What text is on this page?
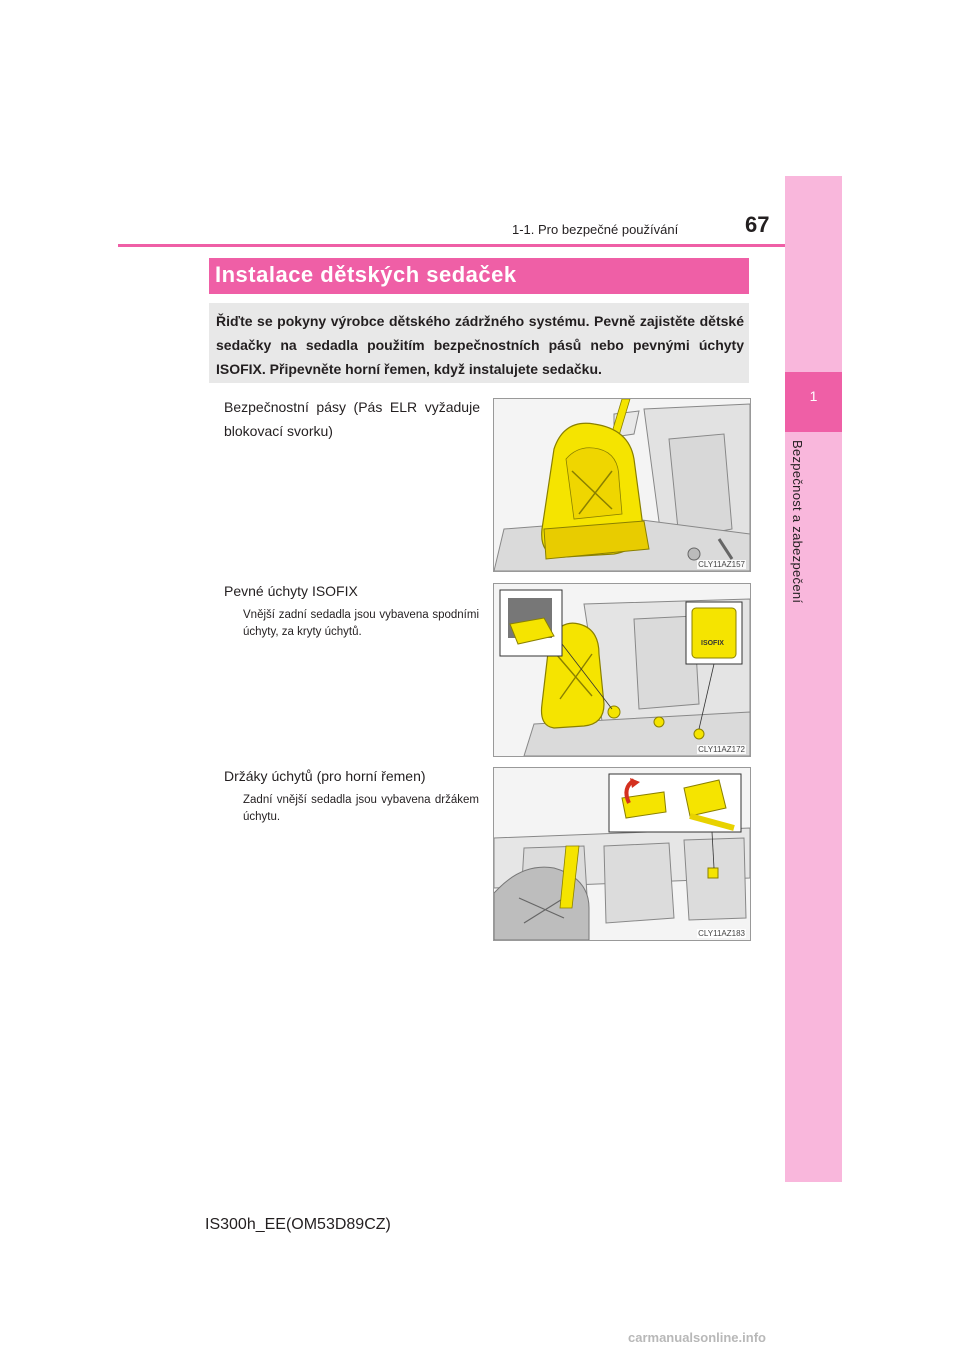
1
Bezpečnost a zabezpečení
1-1. Pro bezpečné používání	67
Instalace dětských sedaček
Řiďte se pokyny výrobce dětského zádržného systému. Pevně zajistěte dětské sedačky na sedadla použitím bezpečnostních pásů nebo pevnými úchyty ISOFIX. Připevněte horní řemen, když instalujete sedačku.
Bezpečnostní pásy (Pás ELR vyžaduje blokovací svorku)
CLY11AZ157
Pevné úchyty ISOFIX
Vnější zadní sedadla jsou vybavena spodními úchyty, za kryty úchytů.
ISOFIX
CLY11AZ172
Držáky úchytů (pro horní řemen)
Zadní vnější sedadla jsou vybavena držákem úchytu.
CLY11AZ183
IS300h_EE(OM53D89CZ)
carmanualsonline.info
